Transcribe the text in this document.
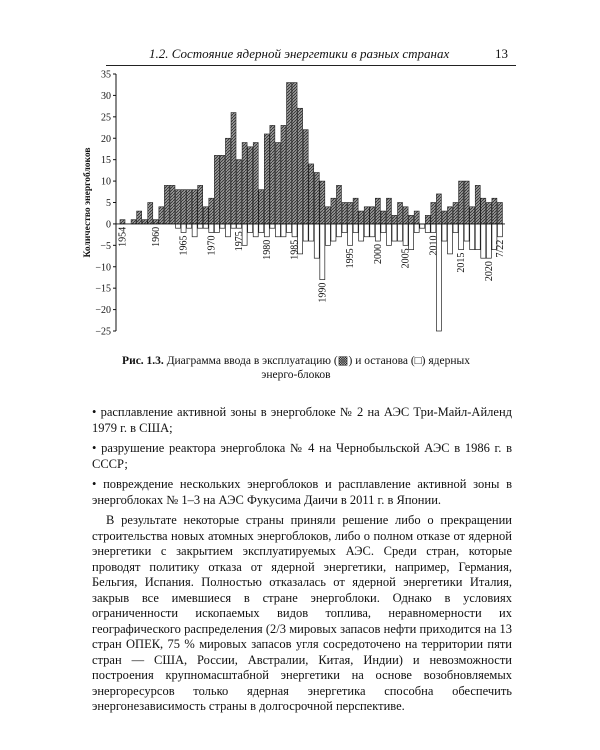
1.2. Состояние ядерной энергетики в разных странах	13
35
30
25
20
15
10
5
0
−5
−10
−15
−20
−25
Количество энергоблоков 1954 1960 1965 1970 1975 1980 1985
1990
1995 2000 2005
2010
2015 2020
7/22
Рис. 1.3. Диаграмма ввода в эксплуатацию (▩) и останова (□) ядерных энерго-блоков

• расплавление активной зоны в энергоблоке № 2 на АЭС Три-Майл-Айленд 1979 г. в США;

• разрушение реактора энергоблока № 4 на Чернобыльской АЭС в 1986 г. в СССР;

• повреждение нескольких энергоблоков и расплавление активной зоны в энергоблоках № 1–3 на АЭС Фукусима Даичи в 2011 г. в Японии.

В результате некоторые страны приняли решение либо о прекращении строительства новых атомных энергоблоков, либо о полном отказе от ядерной энергетики с закрытием эксплуатируемых АЭС. Среди стран, которые проводят политику отказа от ядерной энергетики, например, Германия, Бельгия, Испания. Полностью отказалась от ядерной энергетики Италия, закрыв все имевшиеся в стране энергоблоки. Однако в условиях ограниченности ископаемых видов топлива, неравномерности их географического распределения (2/3 мировых запасов нефти приходится на 13 стран ОПЕК, 75 % мировых запасов угля сосредоточено на территории пяти стран — США, России, Австралии, Китая, Индии) и невозможности построения крупномасштабной энергетики на основе возобновляемых энергоресурсов только ядерная энергетика способна обеспечить энергонезависимость страны в долгосрочной перспективе.
